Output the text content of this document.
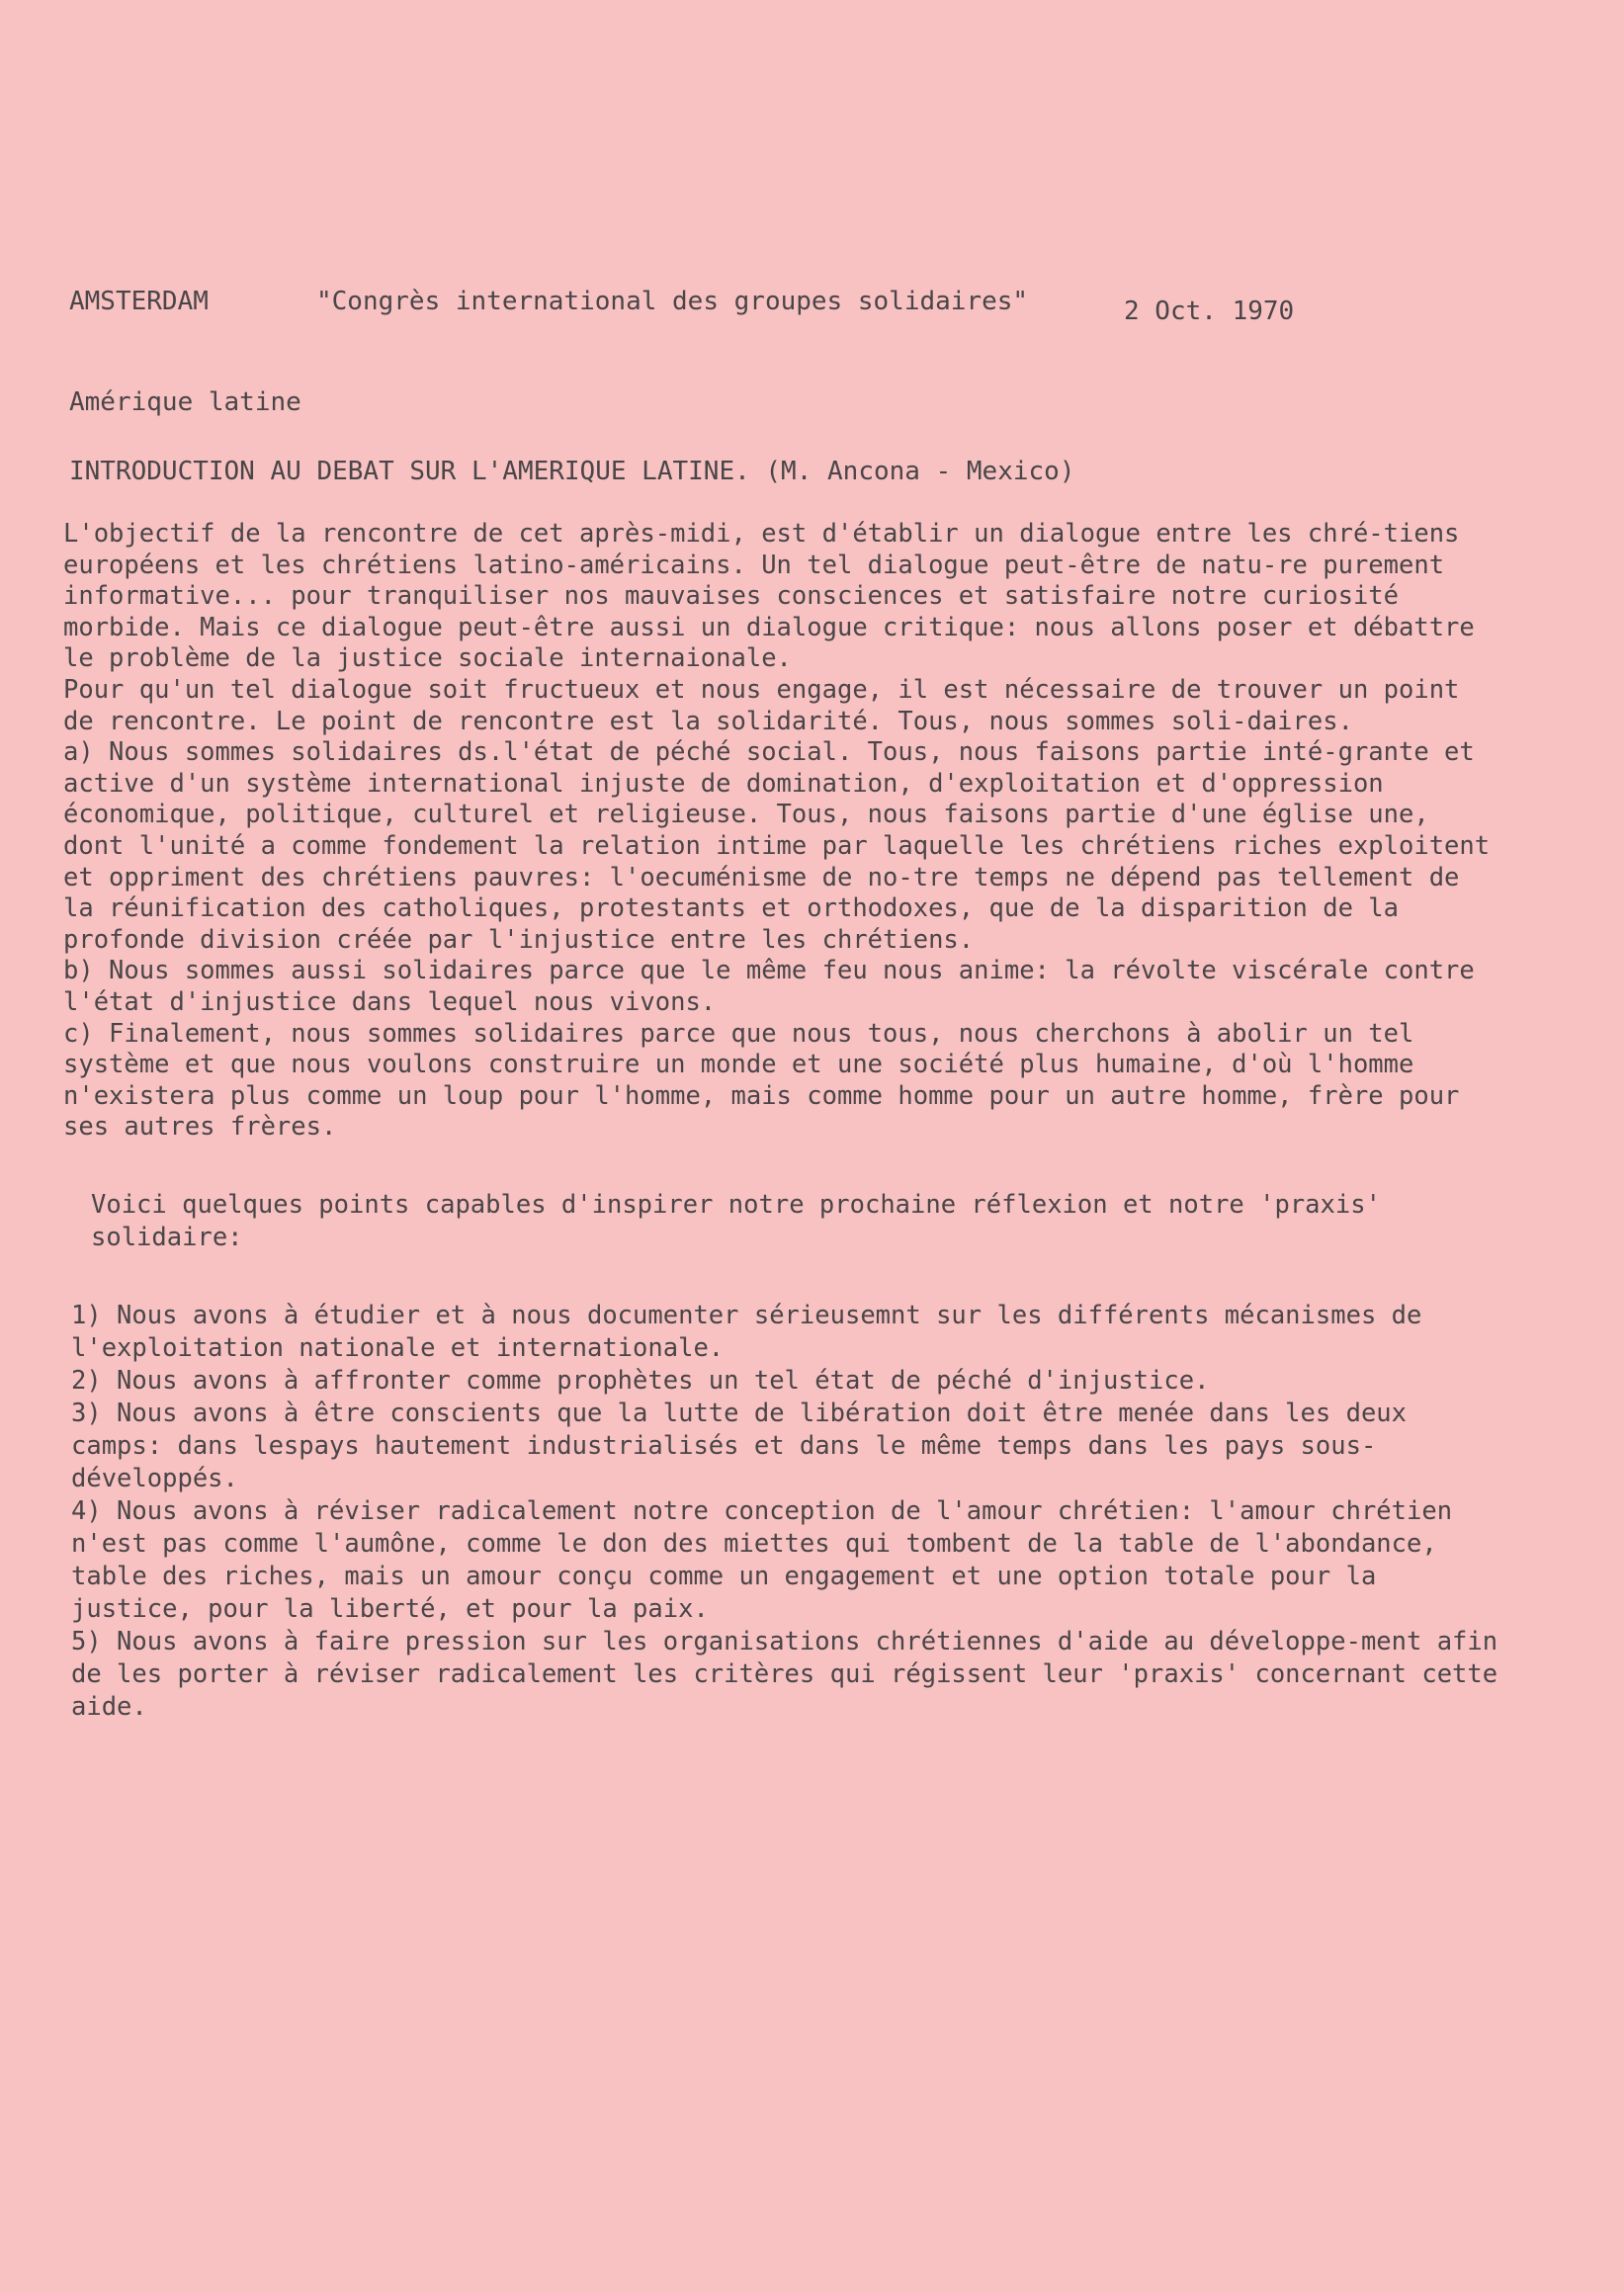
AMSTERDAM	"Congrès international des groupes solidaires"	2 Oct. 1970
Amérique latine
INTRODUCTION AU DEBAT SUR L'AMERIQUE LATINE. (M. Ancona - Mexico)

L'objectif de la rencontre de cet après-midi, est d'établir un dialogue entre les chré-tiens européens et les chrétiens latino-américains. Un tel dialogue peut-être de natu-re purement informative... pour tranquiliser nos mauvaises consciences et satisfaire notre curiosité morbide. Mais ce dialogue peut-être aussi un dialogue critique: nous allons poser et débattre le problème de la justice sociale internaionale.

Pour qu'un tel dialogue soit fructueux et nous engage, il est nécessaire de trouver un point de rencontre. Le point de rencontre est la solidarité. Tous, nous sommes soli-daires.

a) Nous sommes solidaires ds.l'état de péché social. Tous, nous faisons partie inté-grante et active d'un système international injuste de domination, d'exploitation et d'oppression économique, politique, culturel et religieuse. Tous, nous faisons partie d'une église une, dont l'unité a comme fondement la relation intime par laquelle les chrétiens riches exploitent et oppriment des chrétiens pauvres: l'oecuménisme de no-tre temps ne dépend pas tellement de la réunification des catholiques, protestants et orthodoxes, que de la disparition de la profonde division créée par l'injustice entre les chrétiens.

b) Nous sommes aussi solidaires parce que le même feu nous anime: la révolte viscérale contre l'état d'injustice dans lequel nous vivons.

c) Finalement, nous sommes solidaires parce que nous tous, nous cherchons à abolir un tel système et que nous voulons construire un monde et une société plus humaine, d'où l'homme n'existera plus comme un loup pour l'homme, mais comme homme pour un autre homme, frère pour ses autres frères.

Voici quelques points capables d'inspirer notre prochaine réflexion et notre 'praxis' solidaire:

1) Nous avons à étudier et à nous documenter sérieusemnt sur les différents mécanismes de l'exploitation nationale et internationale.

2) Nous avons à affronter comme prophètes un tel état de péché d'injustice.

3) Nous avons à être conscients que la lutte de libération doit être menée dans les deux camps: dans lespays hautement industrialisés et dans le même temps dans les pays sous-développés.

4) Nous avons à réviser radicalement notre conception de l'amour chrétien: l'amour chrétien n'est pas comme l'aumône, comme le don des miettes qui tombent de la table de l'abondance, table des riches, mais un amour conçu comme un engagement et une option totale pour la justice, pour la liberté, et pour la paix.

5) Nous avons à faire pression sur les organisations chrétiennes d'aide au développe-ment afin de les porter à réviser radicalement les critères qui régissent leur 'praxis' concernant cette aide.
